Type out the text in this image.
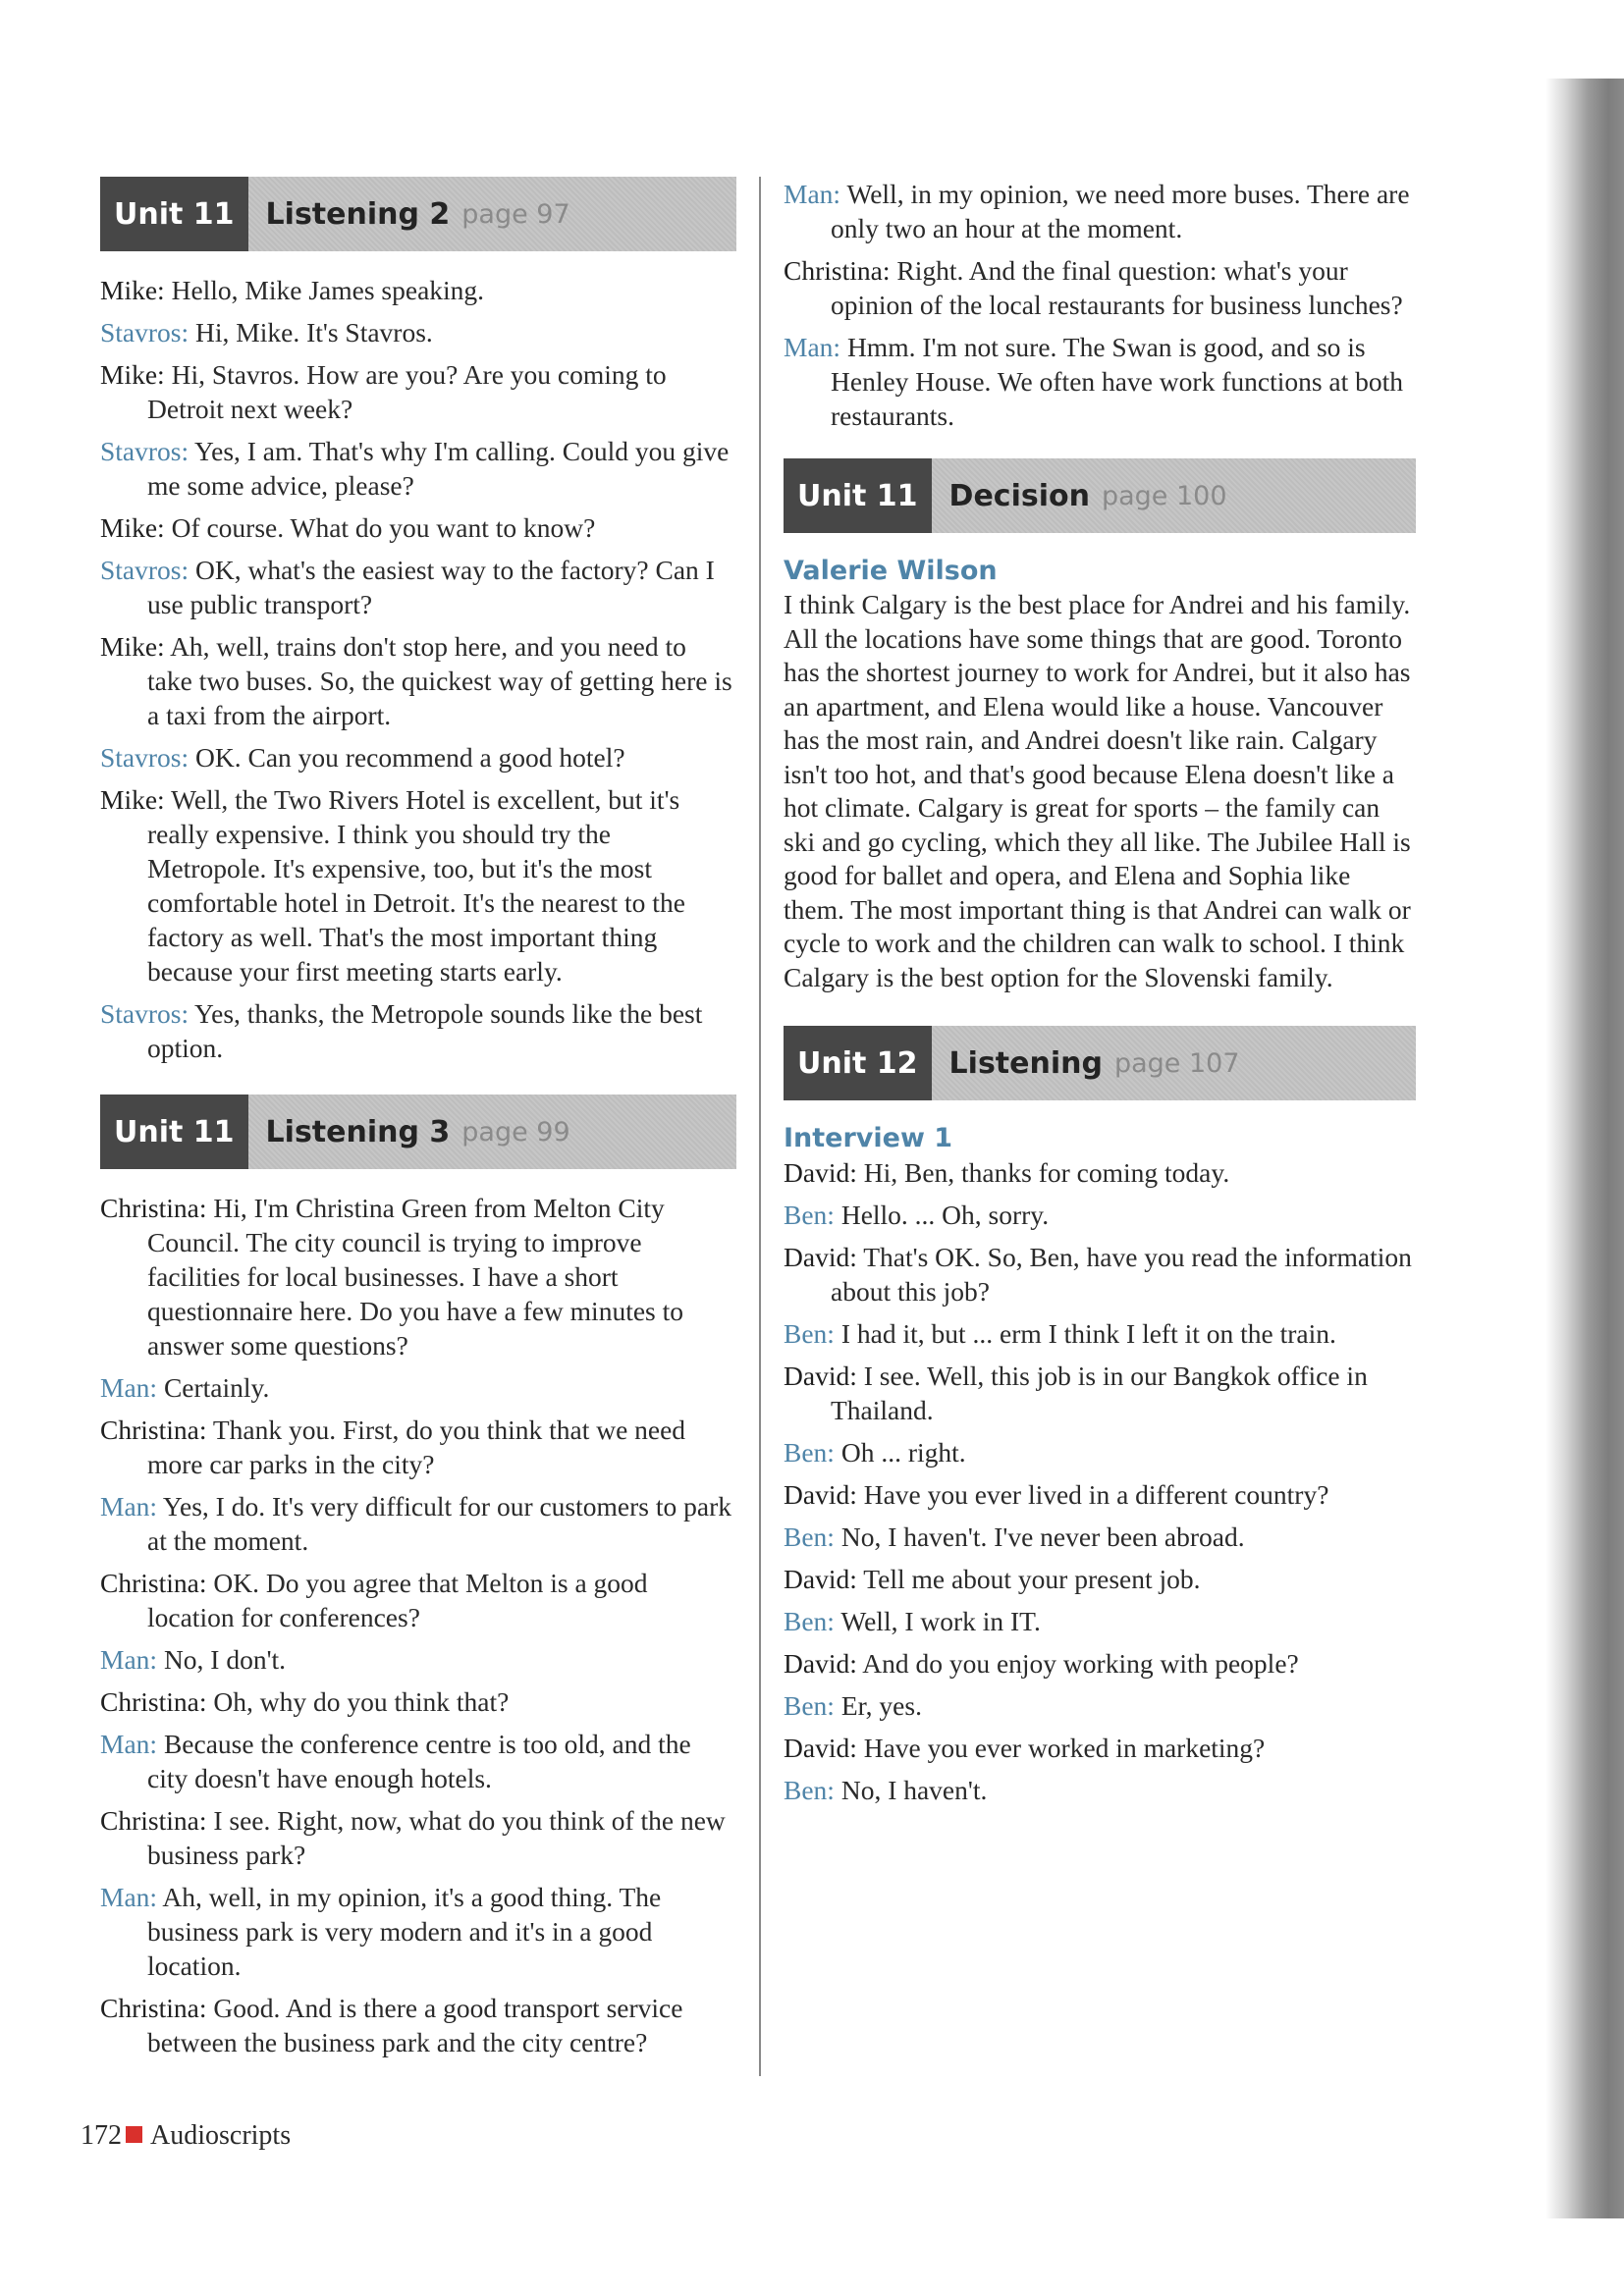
Unit 11	Listening 2 page 97
Mike: Hello, Mike James speaking.
Stavros: Hi, Mike. It's Stavros.
Mike: Hi, Stavros. How are you? Are you coming to Detroit next week?
Stavros: Yes, I am. That's why I'm calling. Could you give me some advice, please?
Mike: Of course. What do you want to know?
Stavros: OK, what's the easiest way to the factory? Can I use public transport?
Mike: Ah, well, trains don't stop here, and you need to take two buses. So, the quickest way of getting here is a taxi from the airport.
Stavros: OK. Can you recommend a good hotel?
Mike: Well, the Two Rivers Hotel is excellent, but it's really expensive. I think you should try the Metropole. It's expensive, too, but it's the most comfortable hotel in Detroit. It's the nearest to the factory as well. That's the most important thing because your first meeting starts early.
Stavros: Yes, thanks, the Metropole sounds like the best option.
Unit 11	Listening 3 page 99
Christina: Hi, I'm Christina Green from Melton City Council. The city council is trying to improve facilities for local businesses. I have a short questionnaire here. Do you have a few minutes to answer some questions?
Man: Certainly.
Christina: Thank you. First, do you think that we need more car parks in the city?
Man: Yes, I do. It's very difficult for our customers to park at the moment.
Christina: OK. Do you agree that Melton is a good location for conferences?
Man: No, I don't.
Christina: Oh, why do you think that?
Man: Because the conference centre is too old, and the city doesn't have enough hotels.
Christina: I see. Right, now, what do you think of the new business park?
Man: Ah, well, in my opinion, it's a good thing. The business park is very modern and it's in a good location.
Christina: Good. And is there a good transport service between the business park and the city centre?
Man: Well, in my opinion, we need more buses. There are only two an hour at the moment.
Christina: Right. And the final question: what's your opinion of the local restaurants for business lunches?
Man: Hmm. I'm not sure. The Swan is good, and so is Henley House. We often have work functions at both restaurants.
Unit 11	Decision page 100
Valerie Wilson
I think Calgary is the best place for Andrei and his family. All the locations have some things that are good. Toronto has the shortest journey to work for Andrei, but it also has an apartment, and Elena would like a house. Vancouver has the most rain, and Andrei doesn't like rain. Calgary isn't too hot, and that's good because Elena doesn't like a hot climate. Calgary is great for sports – the family can ski and go cycling, which they all like. The Jubilee Hall is good for ballet and opera, and Elena and Sophia like them. The most important thing is that Andrei can walk or cycle to work and the children can walk to school. I think Calgary is the best option for the Slovenski family.
Unit 12	Listening page 107
Interview 1
David: Hi, Ben, thanks for coming today.
Ben: Hello. ... Oh, sorry.
David: That's OK. So, Ben, have you read the information about this job?
Ben: I had it, but ... erm I think I left it on the train.
David: I see. Well, this job is in our Bangkok office in Thailand.
Ben: Oh ... right.
David: Have you ever lived in a different country?
Ben: No, I haven't. I've never been abroad.
David: Tell me about your present job.
Ben: Well, I work in IT.
David: And do you enjoy working with people?
Ben: Er, yes.
David: Have you ever worked in marketing?
Ben: No, I haven't.
172 Audioscripts
